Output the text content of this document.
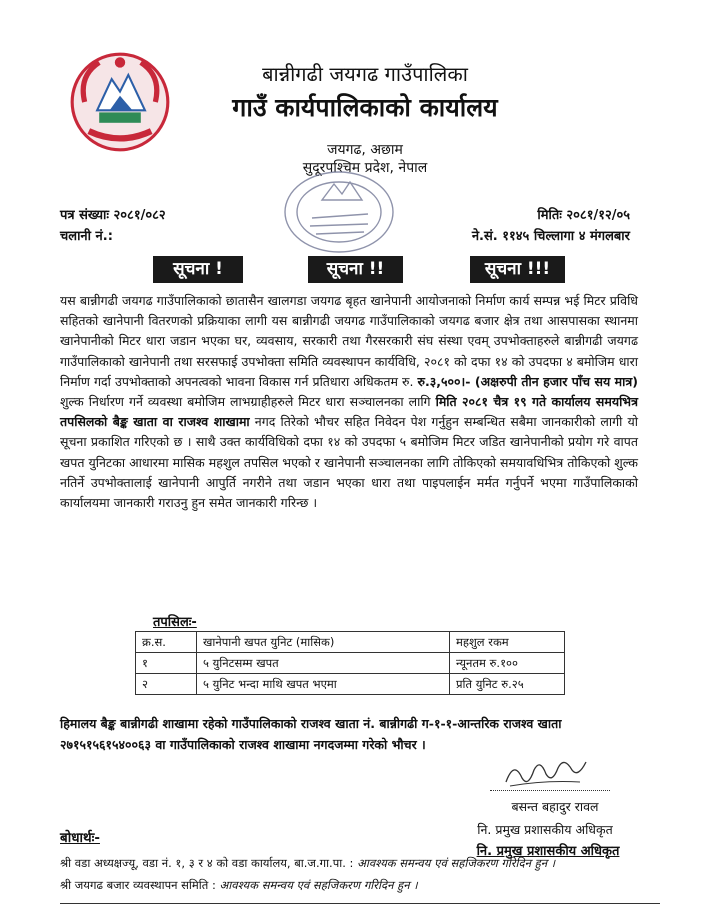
बान्नीगढी जयगढ गाउँपालिका
गाउँ कार्यपालिकाको कार्यालय
जयगढ, अछाम
सुदूरपश्चिम प्रदेश, नेपाल
पत्र संख्याः २०८१/०८२
चलानी नं.:
मितिः २०८१/१२/०५
ने.सं. ११४५ चिल्लागा ४ मंगलबार
सूचना !	सूचना !!	सूचना !!!
यस बान्नीगढी जयगढ गाउँपालिकाको छातासैन खालगडा जयगढ बृहत खानेपानी आयोजनाको निर्माण कार्य सम्पन्न भई मिटर प्रविधि सहितको खानेपानी वितरणको प्रक्रियाका लागी यस बान्नीगढी जयगढ गाउँपालिकाको जयगढ बजार क्षेत्र तथा आसपासका स्थानमा खानेपानीको मिटर धारा जडान भएका घर, व्यवसाय, सरकारी तथा गैरसरकारी संघ संस्था एवम् उपभोक्ताहरुले बान्नीगढी जयगढ गाउँपालिकाको खानेपानी तथा सरसफाई उपभोक्ता समिति व्यवस्थापन कार्यविधि, २०८१ को दफा १४ को उपदफा ४ बमोजिम धारा निर्माण गर्दा उपभोक्ताको अपनत्वको भावना विकास गर्न प्रतिधारा अधिकतम रु. रु.३,५००।- (अक्षरुपी तीन हजार पाँच सय मात्र) शुल्क निर्धारण गर्ने व्यवस्था बमोजिम लाभग्राहीहरुले मिटर धारा सञ्चालनका लागि मिति २०८१ चैत्र १९ गते कार्यालय समयभित्र तपसिलको बैङ्क खाता वा राजश्व शाखामा नगद तिरेको भौचर सहित निवेदन पेश गर्नुहुन सम्बन्धित सबैमा जानकारीको लागी यो सूचना प्रकाशित गरिएको छ । साथै उक्त कार्यविधिको दफा १४ को उपदफा ५ बमोजिम मिटर जडित खानेपानीको प्रयोग गरे वापत खपत युनिटका आधारमा मासिक महशुल तपसिल भएको र खानेपानी सञ्चालनका लागि तोकिएको समयावधिभित्र तोकिएको शुल्क नतिर्ने उपभोक्तालाई खानेपानी आपुर्ति नगरीने तथा जडान भएका धारा तथा पाइपलाईन मर्मत गर्नुपर्ने भएमा गाउँपालिकाको कार्यालयमा जानकारी गराउनु हुन समेत जानकारी गरिन्छ ।
तपसिलः-
क्र.स.	खानेपानी खपत युनिट (मासिक)	महशुल रकम
१	५ युनिटसम्म खपत	न्यूनतम रु.१००
२	५ युनिट भन्दा माथि खपत भएमा	प्रति युनिट रु.२५
हिमालय बैङ्क बान्नीगढी शाखामा रहेको गाउँपालिकाको राजश्व खाता नं. बान्नीगढी ग-१-१-आन्तरिक राजश्व खाता २७१५१५६१५४००६३ वा गाउँपालिकाको राजश्व शाखामा नगदजम्मा गरेको भौचर ।
बसन्त बहादुर रावल
नि. प्रमुख प्रशासकीय अधिकृत
नि. प्रमुख प्रशासकीय अधिकृत
बोधार्थः-
श्री वडा अध्यक्षज्यू, वडा नं. १, ३ र ४ को वडा कार्यालय, बा.ज.गा.पा. : आवश्यक समन्वय एवं सहजिकरण गरिदिन हुन ।
श्री जयगढ बजार व्यवस्थापन समिति : आवश्यक समन्वय एवं सहजिकरण गरिदिन हुन ।
